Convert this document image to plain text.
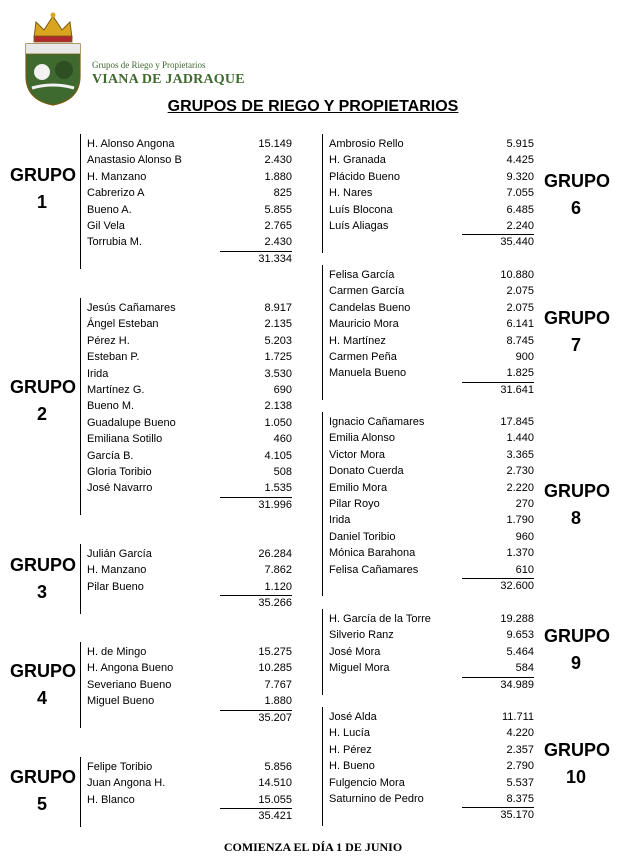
Grupos de Riego y Propietarios
VIANA DE JADRAQUE
GRUPOS DE RIEGO Y PROPIETARIOS
GRUPO
1
H. Alonso Angona	15.149
Anastasio Alonso B	2.430
H. Manzano	1.880
Cabrerizo A	825
Bueno A.	5.855
Gil Vela	2.765
Torrubia M.	2.430
31.334
GRUPO
2
Jesús Cañamares	8.917
Ángel Esteban	2.135
Pérez H.	5.203
Esteban P.	1.725
Irida	3.530
Martínez G.	690
Bueno M.	2.138
Guadalupe Bueno	1.050
Emiliana Sotillo	460
García B.	4.105
Gloria Toribio	508
José Navarro	1.535
31.996
GRUPO
3
Julián García	26.284
H. Manzano	7.862
Pilar Bueno	1.120
35.266
GRUPO
4
H. de Mingo	15.275
H. Angona Bueno	10.285
Severiano Bueno	7.767
Miguel Bueno	1.880
35.207
GRUPO
5
Felipe Toribio	5.856
Juan Angona H.	14.510
H. Blanco	15.055
35.421
GRUPO
6
Ambrosio Rello	5.915
H. Granada	4.425
Plácido Bueno	9.320
H. Nares	7.055
Luís Blocona	6.485
Luís Aliagas	2.240
35.440
GRUPO
7
Felisa García	10.880
Carmen García	2.075
Candelas Bueno	2.075
Mauricio Mora	6.141
H. Martínez	8.745
Carmen Peña	900
Manuela Bueno	1.825
31.641
GRUPO
8
Ignacio Cañamares	17.845
Emilia Alonso	1.440
Victor Mora	3.365
Donato Cuerda	2.730
Emilio Mora	2.220
Pilar Royo	270
Irida	1.790
Daniel Toribio	960
Mónica Barahona	1.370
Felisa Cañamares	610
32.600
GRUPO
9
H. García de la Torre	19.288
Silverio Ranz	9.653
José Mora	5.464
Miguel Mora	584
34.989
GRUPO
10
José Alda	11.711
H. Lucía	4.220
H. Pérez	2.357
H. Bueno	2.790
Fulgencio Mora	5.537
Saturnino de Pedro	8.375
35.170
COMIENZA EL DÍA 1 DE JUNIO
